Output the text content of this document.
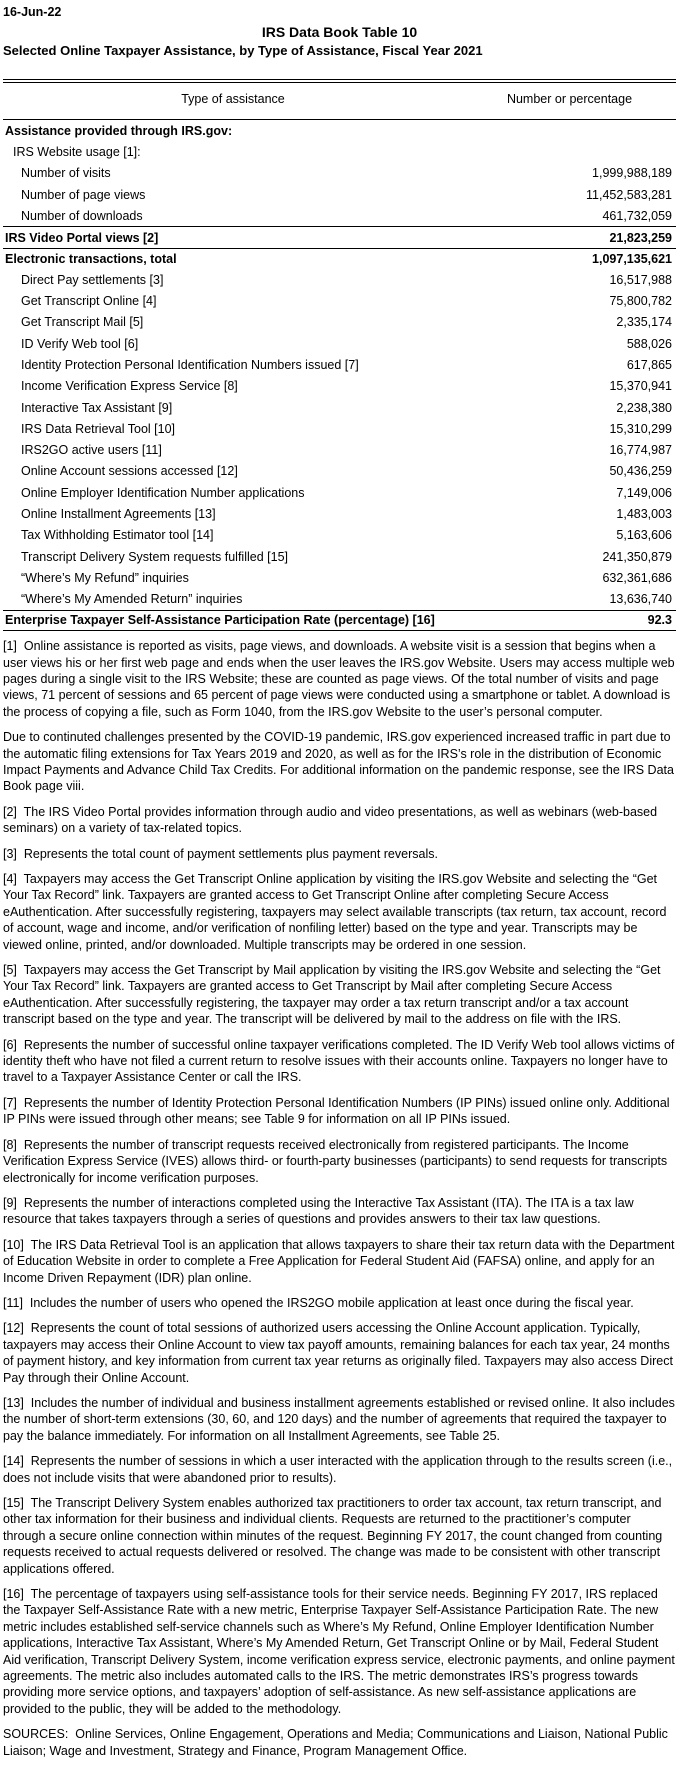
16-Jun-22
IRS Data Book Table 10
Selected Online Taxpayer Assistance, by Type of Assistance, Fiscal Year 2021
Type of assistance	Number or percentage
Assistance provided through IRS.gov:
IRS Website usage [1]:
Number of visits	1,999,988,189
Number of page views	11,452,583,281
Number of downloads	461,732,059
IRS Video Portal views [2]	21,823,259
Electronic transactions, total	1,097,135,621
Direct Pay settlements [3]	16,517,988
Get Transcript Online [4]	75,800,782
Get Transcript Mail [5]	2,335,174
ID Verify Web tool [6]	588,026
Identity Protection Personal Identification Numbers issued [7]	617,865
Income Verification Express Service [8]	15,370,941
Interactive Tax Assistant [9]	2,238,380
IRS Data Retrieval Tool [10]	15,310,299
IRS2GO active users [11]	16,774,987
Online Account sessions accessed [12]	50,436,259
Online Employer Identification Number applications	7,149,006
Online Installment Agreements [13]	1,483,003
Tax Withholding Estimator tool [14]	5,163,606
Transcript Delivery System requests fulfilled [15]	241,350,879
“Where’s My Refund” inquiries	632,361,686
“Where’s My Amended Return” inquiries	13,636,740
Enterprise Taxpayer Self-Assistance Participation Rate (percentage) [16]	92.3

[1]  Online assistance is reported as visits, page views, and downloads. A website visit is a session that begins when a user views his or her first web page and ends when the user leaves the IRS.gov Website. Users may access multiple web pages during a single visit to the IRS Website; these are counted as page views. Of the total number of visits and page views, 71 percent of sessions and 65 percent of page views were conducted using a smartphone or tablet. A download is the process of copying a file, such as Form 1040, from the IRS.gov Website to the user’s personal computer.

Due to continuted challenges presented by the COVID-19 pandemic, IRS.gov experienced increased traffic in part due to the automatic filing extensions for Tax Years 2019 and 2020, as well as for the IRS’s role in the distribution of Economic Impact Payments and Advance Child Tax Credits. For additional information on the pandemic response, see the IRS Data Book page viii.

[2]  The IRS Video Portal provides information through audio and video presentations, as well as webinars (web-based seminars) on a variety of tax-related topics.

[3]  Represents the total count of payment settlements plus payment reversals.

[4]  Taxpayers may access the Get Transcript Online application by visiting the IRS.gov Website and selecting the “Get Your Tax Record” link. Taxpayers are granted access to Get Transcript Online after completing Secure Access eAuthentication. After successfully registering, taxpayers may select available transcripts (tax return, tax account, record of account, wage and income, and/or verification of nonfiling letter) based on the type and year. Transcripts may be viewed online, printed, and/or downloaded. Multiple transcripts may be ordered in one session.

[5]  Taxpayers may access the Get Transcript by Mail application by visiting the IRS.gov Website and selecting the “Get Your Tax Record” link. Taxpayers are granted access to Get Transcript by Mail after completing Secure Access eAuthentication. After successfully registering, the taxpayer may order a tax return transcript and/or a tax account transcript based on the type and year. The transcript will be delivered by mail to the address on file with the IRS.

[6]  Represents the number of successful online taxpayer verifications completed. The ID Verify Web tool allows victims of identity theft who have not filed a current return to resolve issues with their accounts online. Taxpayers no longer have to travel to a Taxpayer Assistance Center or call the IRS.

[7]  Represents the number of Identity Protection Personal Identification Numbers (IP PINs) issued online only. Additional IP PINs were issued through other means; see Table 9 for information on all IP PINs issued.

[8]  Represents the number of transcript requests received electronically from registered participants. The Income Verification Express Service (IVES) allows third- or fourth-party businesses (participants) to send requests for transcripts electronically for income verification purposes.

[9]  Represents the number of interactions completed using the Interactive Tax Assistant (ITA). The ITA is a tax law resource that takes taxpayers through a series of questions and provides answers to their tax law questions.

[10]  The IRS Data Retrieval Tool is an application that allows taxpayers to share their tax return data with the Department of Education Website in order to complete a Free Application for Federal Student Aid (FAFSA) online, and apply for an Income Driven Repayment (IDR) plan online.

[11]  Includes the number of users who opened the IRS2GO mobile application at least once during the fiscal year.

[12]  Represents the count of total sessions of authorized users accessing the Online Account application. Typically, taxpayers may access their Online Account to view tax payoff amounts, remaining balances for each tax year, 24 months of payment history, and key information from current tax year returns as originally filed. Taxpayers may also access Direct Pay through their Online Account.

[13]  Includes the number of individual and business installment agreements established or revised online. It also includes the number of short-term extensions (30, 60, and 120 days) and the number of agreements that required the taxpayer to pay the balance immediately. For information on all Installment Agreements, see Table 25.

[14]  Represents the number of sessions in which a user interacted with the application through to the results screen (i.e., does not include visits that were abandoned prior to results).

[15]  The Transcript Delivery System enables authorized tax practitioners to order tax account, tax return transcript, and other tax information for their business and individual clients. Requests are returned to the practitioner’s computer through a secure online connection within minutes of the request. Beginning FY 2017, the count changed from counting requests received to actual requests delivered or resolved. The change was made to be consistent with other transcript applications offered.

[16]  The percentage of taxpayers using self-assistance tools for their service needs. Beginning FY 2017, IRS replaced the Taxpayer Self-Assistance Rate with a new metric, Enterprise Taxpayer Self-Assistance Participation Rate. The new metric includes established self-service channels such as Where’s My Refund, Online Employer Identification Number applications, Interactive Tax Assistant, Where’s My Amended Return, Get Transcript Online or by Mail, Federal Student Aid verification, Transcript Delivery System, income verification express service, electronic payments, and online payment agreements. The metric also includes automated calls to the IRS. The metric demonstrates IRS’s progress towards providing more service options, and taxpayers’ adoption of self-assistance. As new self-assistance applications are provided to the public, they will be added to the methodology.

SOURCES:  Online Services, Online Engagement, Operations and Media; Communications and Liaison, National Public Liaison; Wage and Investment, Strategy and Finance, Program Management Office.
